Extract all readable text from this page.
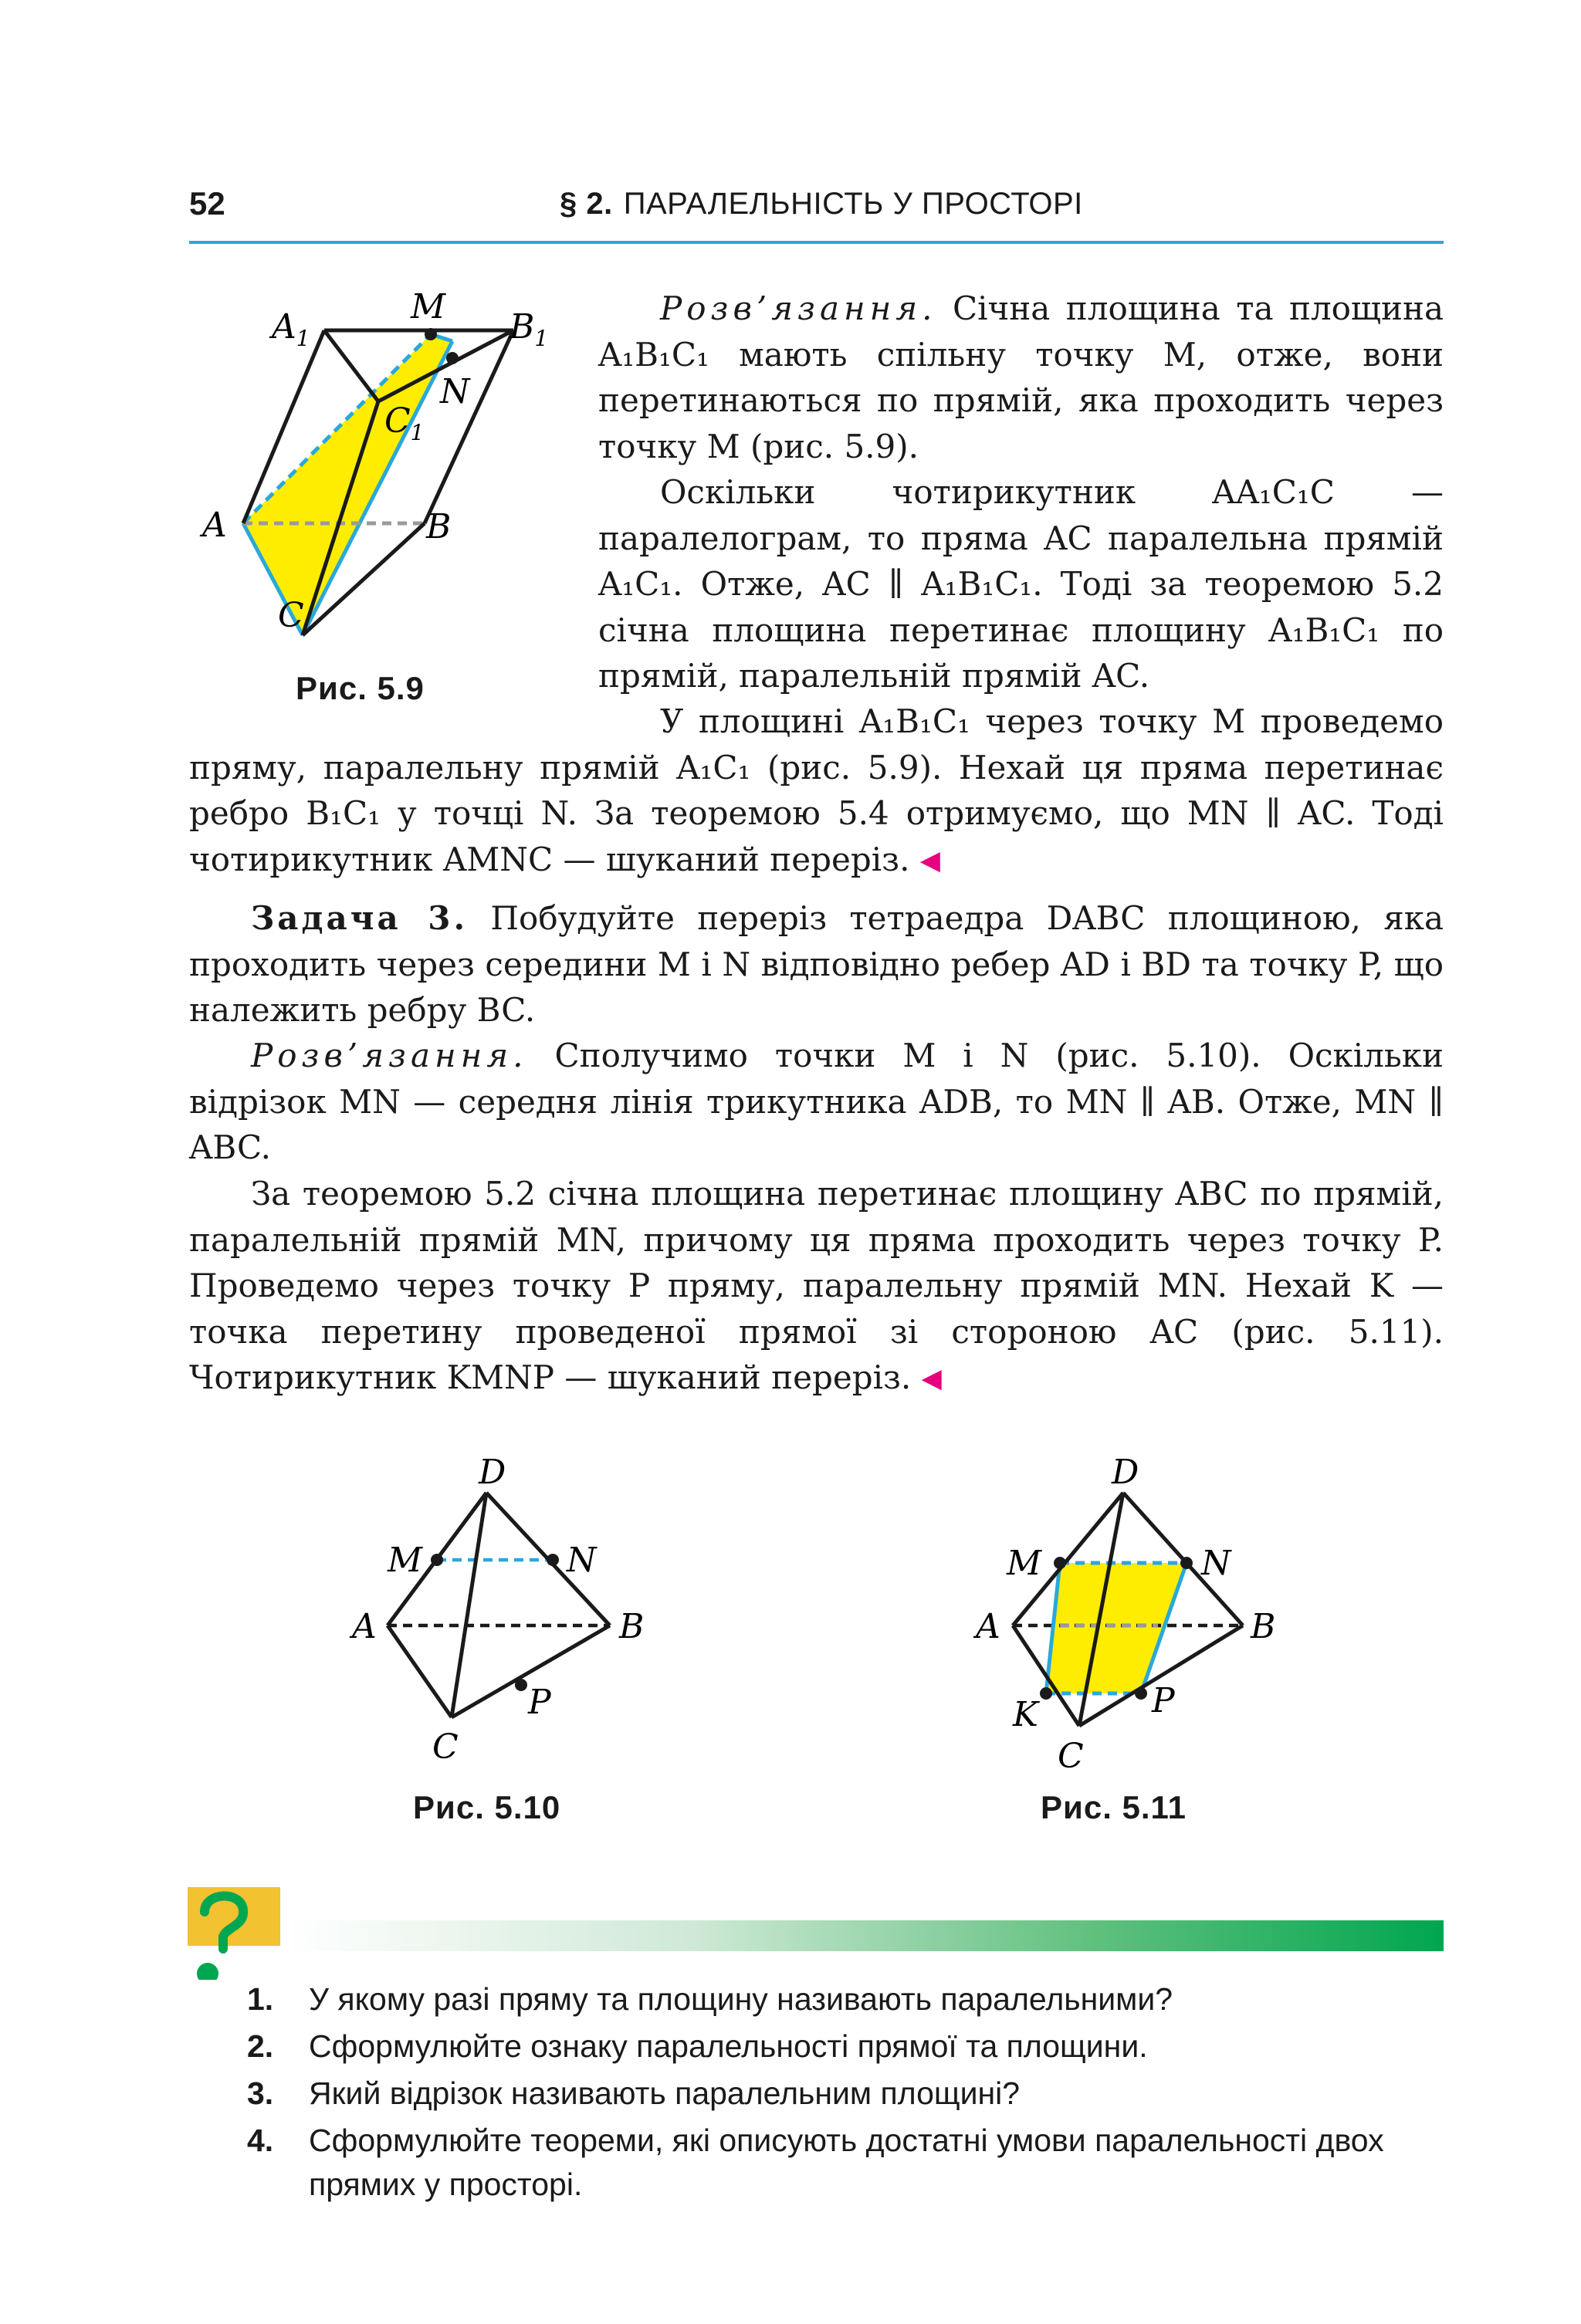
52	§ 2. ПАРАЛЕЛЬНІСТЬ У ПРОСТОРІ
$A_1$
M
$B_1$
N
$C_1$
A	B
C
Рис. 5.9
Розв’язання. Січна площина та площина A₁B₁C₁ мають спільну точку M, отже, вони перетинаються по прямій, яка проходить через точку M (рис. 5.9).
Оскільки чотирикутник AA₁C₁C — паралелограм, то пряма AC паралельна прямій A₁C₁. Отже, AC ∥ A₁B₁C₁. Тоді за теоремою 5.2 січна площина перетинає площину A₁B₁C₁ по прямій, паралельній прямій AC.
У площині A₁B₁C₁ через точку M проведемо пряму, паралельну прямій A₁C₁ (рис. 5.9). Нехай ця пряма перетинає ребро B₁C₁ у точці N. За теоремою 5.4 отримуємо, що MN ∥ AC. Тоді чотирикутник AMNC — шуканий переріз. ◀
Задача 3. Побудуйте переріз тетраедра DABC площиною, яка проходить через середини M і N відповідно ребер AD і BD та точку P, що належить ребру BC.
Розв’язання. Сполучимо точки M і N (рис. 5.10). Оскільки відрізок MN — середня лінія трикутника ADB, то MN ∥ AB. Отже, MN ∥ ABC.
За теоремою 5.2 січна площина перетинає площину ABC по прямій, паралельній прямій MN, причому ця пряма проходить через точку P. Проведемо через точку P пряму, паралельну прямій MN. Нехай K — точка перетину проведеної прямої зі стороною AC (рис. 5.11). Чотирикутник KMNP — шуканий переріз. ◀
D
M	N
A	B
P
C
Рис. 5.10
D
M	N
A	B
K	P
C
Рис. 5.11
1.	У якому разі пряму та площину називають паралельними?
2.	Сформулюйте ознаку паралельності прямої та площини.
3.	Який відрізок називають паралельним площині?
4.	Сформулюйте теореми, які описують достатні умови паралельності двох прямих у просторі.
